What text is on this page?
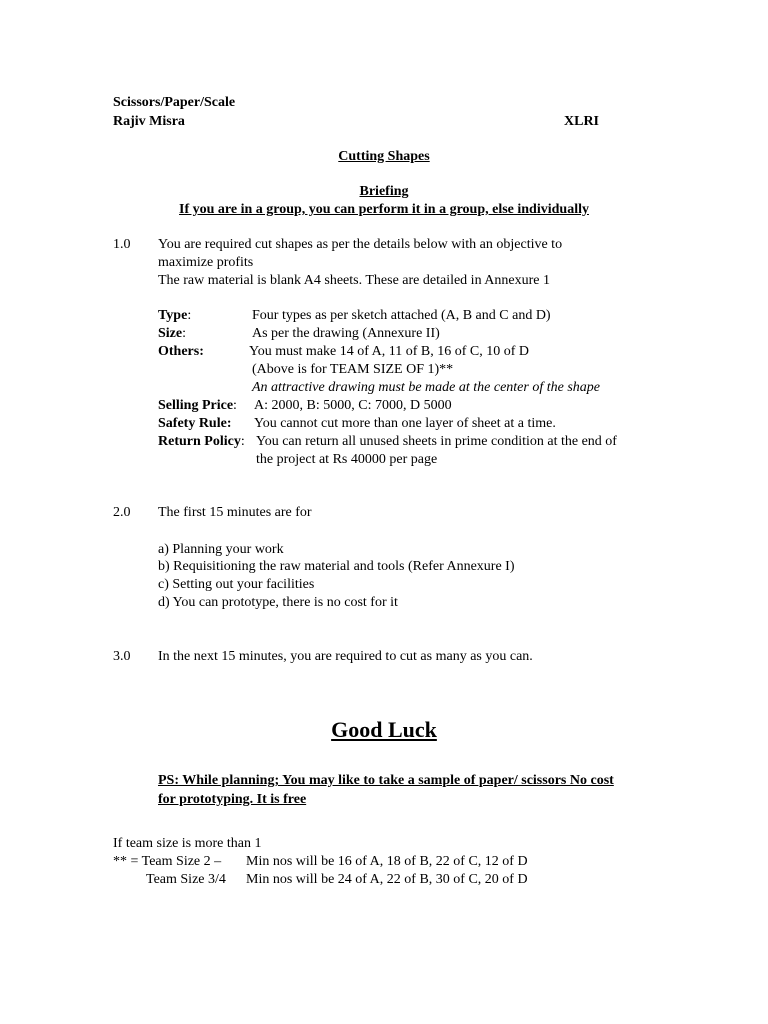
Scissors/Paper/Scale
Rajiv Misra	XLRI
Cutting Shapes
Briefing
If you are in a group, you can perform it in a group, else individually
1.0 You are required cut shapes as per the details below with an objective to
maximize profits
The raw material is blank A4 sheets. These are detailed in Annexure 1
Type:	Four types as per sketch attached (A, B and C and D)
Size:	As per the drawing (Annexure II)
Others:	You must make 14 of A, 11 of B, 16 of C, 10 of D
(Above is for TEAM SIZE OF 1)**
An attractive drawing must be made at the center of the shape
Selling Price: A: 2000, B: 5000, C: 7000, D 5000
Safety Rule: You cannot cut more than one layer of sheet at a time.
Return Policy: You can return all unused sheets in prime condition at the end of
the project at Rs 40000 per page
2.0 The first 15 minutes are for
a) Planning your work
b) Requisitioning the raw material and tools (Refer Annexure I)
c) Setting out your facilities
d) You can prototype, there is no cost for it
3.0 In the next 15 minutes, you are required to cut as many as you can.
Good Luck
PS: While planning; You may like to take a sample of paper/ scissors No cost
for prototyping. It is free
If team size is more than 1
** = Team Size 2 – Min nos will be 16 of A, 18 of B, 22 of C, 12 of D
Team Size 3/4 Min nos will be 24 of A, 22 of B, 30 of C, 20 of D
